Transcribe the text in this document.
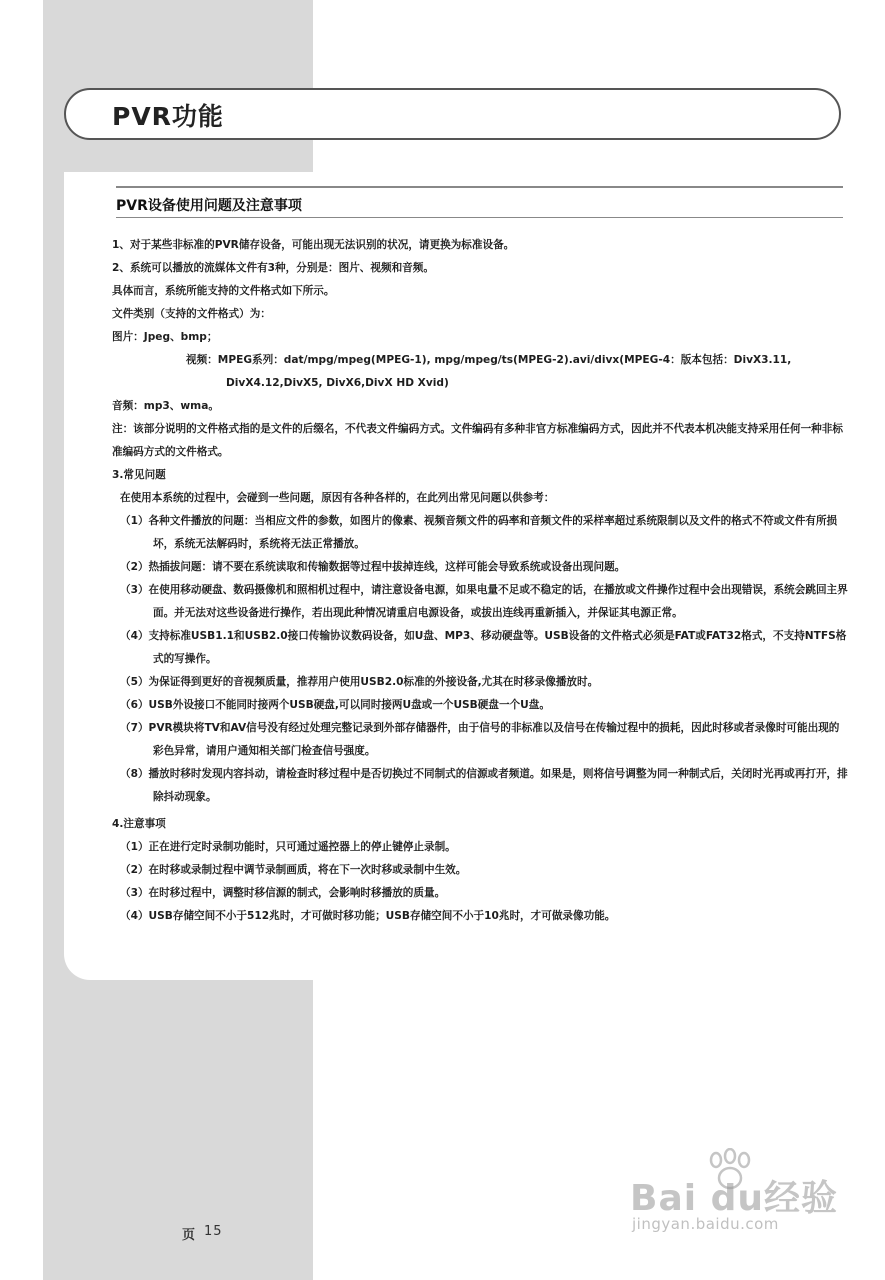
PVR功能
PVR设备使用问题及注意事项

1、对于某些非标准的PVR储存设备，可能出现无法识别的状况，请更换为标准设备。

2、系统可以播放的流媒体文件有3种，分别是：图片、视频和音频。

具体而言，系统所能支持的文件格式如下所示。

文件类别（支持的文件格式）为：

图片：Jpeg、bmp；

视频：MPEG系列：dat/mpg/mpeg(MPEG-1), mpg/mpeg/ts(MPEG-2).avi/divx(MPEG-4：版本包括：DivX3.11, DivX4.12,DivX5, DivX6,DivX HD Xvid)

音频：mp3、wma。

注：该部分说明的文件格式指的是文件的后缀名，不代表文件编码方式。文件编码有多种非官方标准编码方式，因此并不代表本机决能支持采用任何一种非标准编码方式的文件格式。

3.常见问题

在使用本系统的过程中，会碰到一些问题，原因有各种各样的，在此列出常见问题以供参考：

（1）各种文件播放的问题：当相应文件的参数，如图片的像素、视频音频文件的码率和音频文件的采样率超过系统限制以及文件的格式不符或文件有所损坏，系统无法解码时，系统将无法正常播放。

（2）热插拔问题：请不要在系统读取和传输数据等过程中拔掉连线，这样可能会导致系统或设备出现问题。

（3）在使用移动硬盘、数码摄像机和照相机过程中，请注意设备电源，如果电量不足或不稳定的话，在播放或文件操作过程中会出现错误，系统会跳回主界面。并无法对这些设备进行操作，若出现此种情况请重启电源设备，或拔出连线再重新插入，并保证其电源正常。

（4）支持标准USB1.1和USB2.0接口传输协议数码设备，如U盘、MP3、移动硬盘等。USB设备的文件格式必须是FAT或FAT32格式，不支持NTFS格式的写操作。

（5）为保证得到更好的音视频质量，推荐用户使用USB2.0标准的外接设备,尤其在时移录像播放时。

（6）USB外设接口不能同时接两个USB硬盘,可以同时接两U盘或一个USB硬盘一个U盘。

（7）PVR模块将TV和AV信号没有经过处理完整记录到外部存储器件，由于信号的非标准以及信号在传输过程中的损耗，因此时移或者录像时可能出现的彩色异常，请用户通知相关部门检查信号强度。

（8）播放时移时发现内容抖动，请检查时移过程中是否切换过不同制式的信源或者频道。如果是，则将信号调整为同一种制式后，关闭时光再或再打开，排除抖动现象。

4.注意事项

（1）正在进行定时录制功能时，只可通过遥控器上的停止键停止录制。

（2）在时移或录制过程中调节录制画质，将在下一次时移或录制中生效。

（3）在时移过程中，调整时移信源的制式，会影响时移播放的质量。

（4）USB存储空间不小于512兆时，才可做时移功能；USB存储空间不小于10兆时，才可做录像功能。

页 15
Bai du经验
jingyan.baidu.com
